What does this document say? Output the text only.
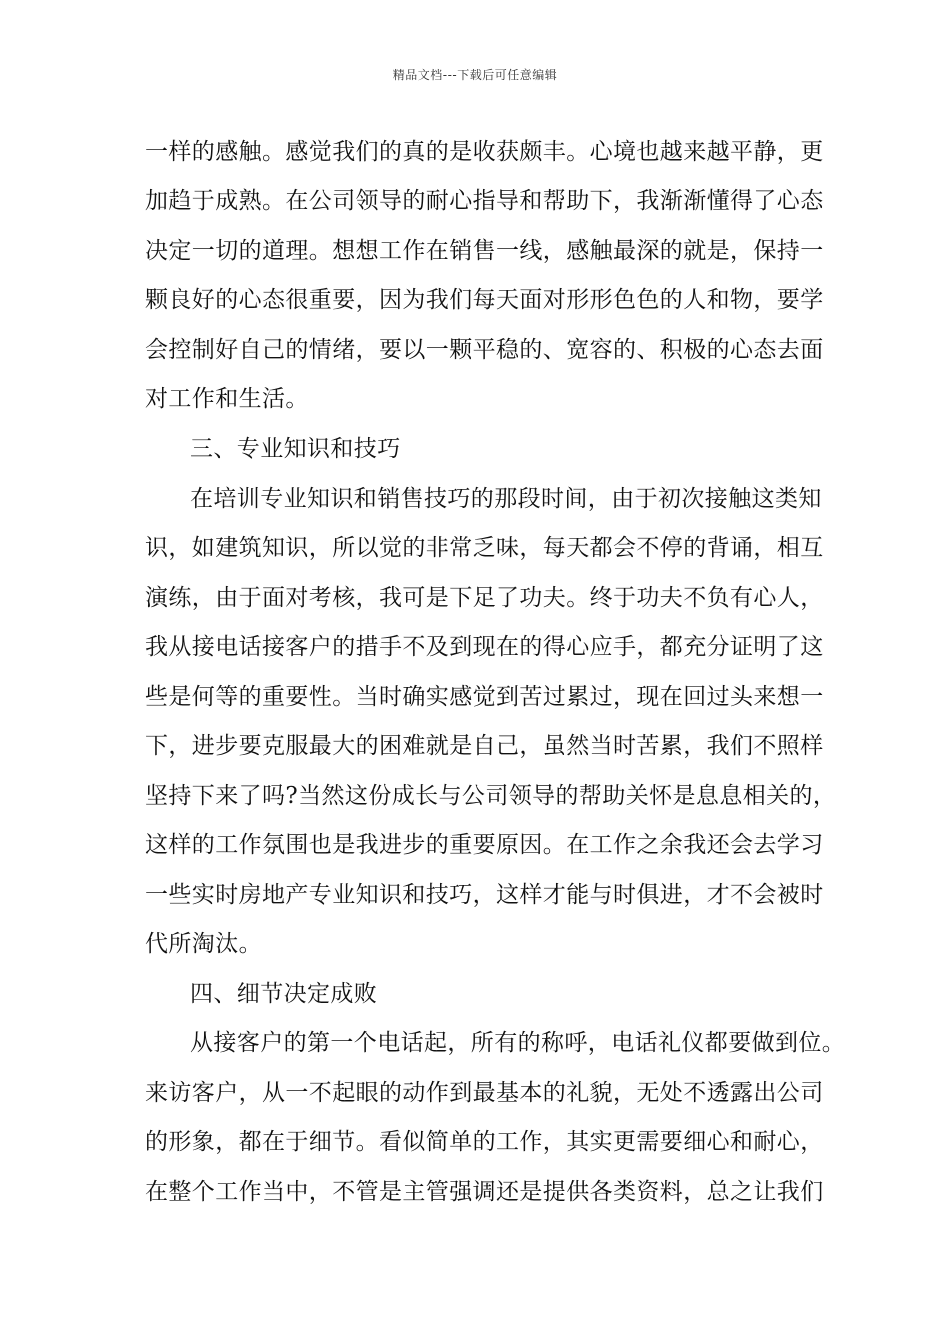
精品文档---下载后可任意编辑
一样的感触。感觉我们的真的是收获颇丰。心境也越来越平静，更
加趋于成熟。在公司领导的耐心指导和帮助下，我渐渐懂得了心态
决定一切的道理。想想工作在销售一线，感触最深的就是，保持一
颗良好的心态很重要，因为我们每天面对形形色色的人和物，要学
会控制好自己的情绪，要以一颗平稳的、宽容的、积极的心态去面
对工作和生活。
三、专业知识和技巧
在培训专业知识和销售技巧的那段时间，由于初次接触这类知
识，如建筑知识，所以觉的非常乏味，每天都会不停的背诵，相互
演练，由于面对考核，我可是下足了功夫。终于功夫不负有心人，
我从接电话接客户的措手不及到现在的得心应手，都充分证明了这
些是何等的重要性。当时确实感觉到苦过累过，现在回过头来想一
下，进步要克服最大的困难就是自己，虽然当时苦累，我们不照样
坚持下来了吗?当然这份成长与公司领导的帮助关怀是息息相关的，
这样的工作氛围也是我进步的重要原因。在工作之余我还会去学习
一些实时房地产专业知识和技巧，这样才能与时俱进，才不会被时
代所淘汰。
四、细节决定成败
从接客户的第一个电话起，所有的称呼，电话礼仪都要做到位。
来访客户，从一不起眼的动作到最基本的礼貌，无处不透露出公司
的形象，都在于细节。看似简单的工作，其实更需要细心和耐心，
在整个工作当中，不管是主管强调还是提供各类资料，总之让我们
